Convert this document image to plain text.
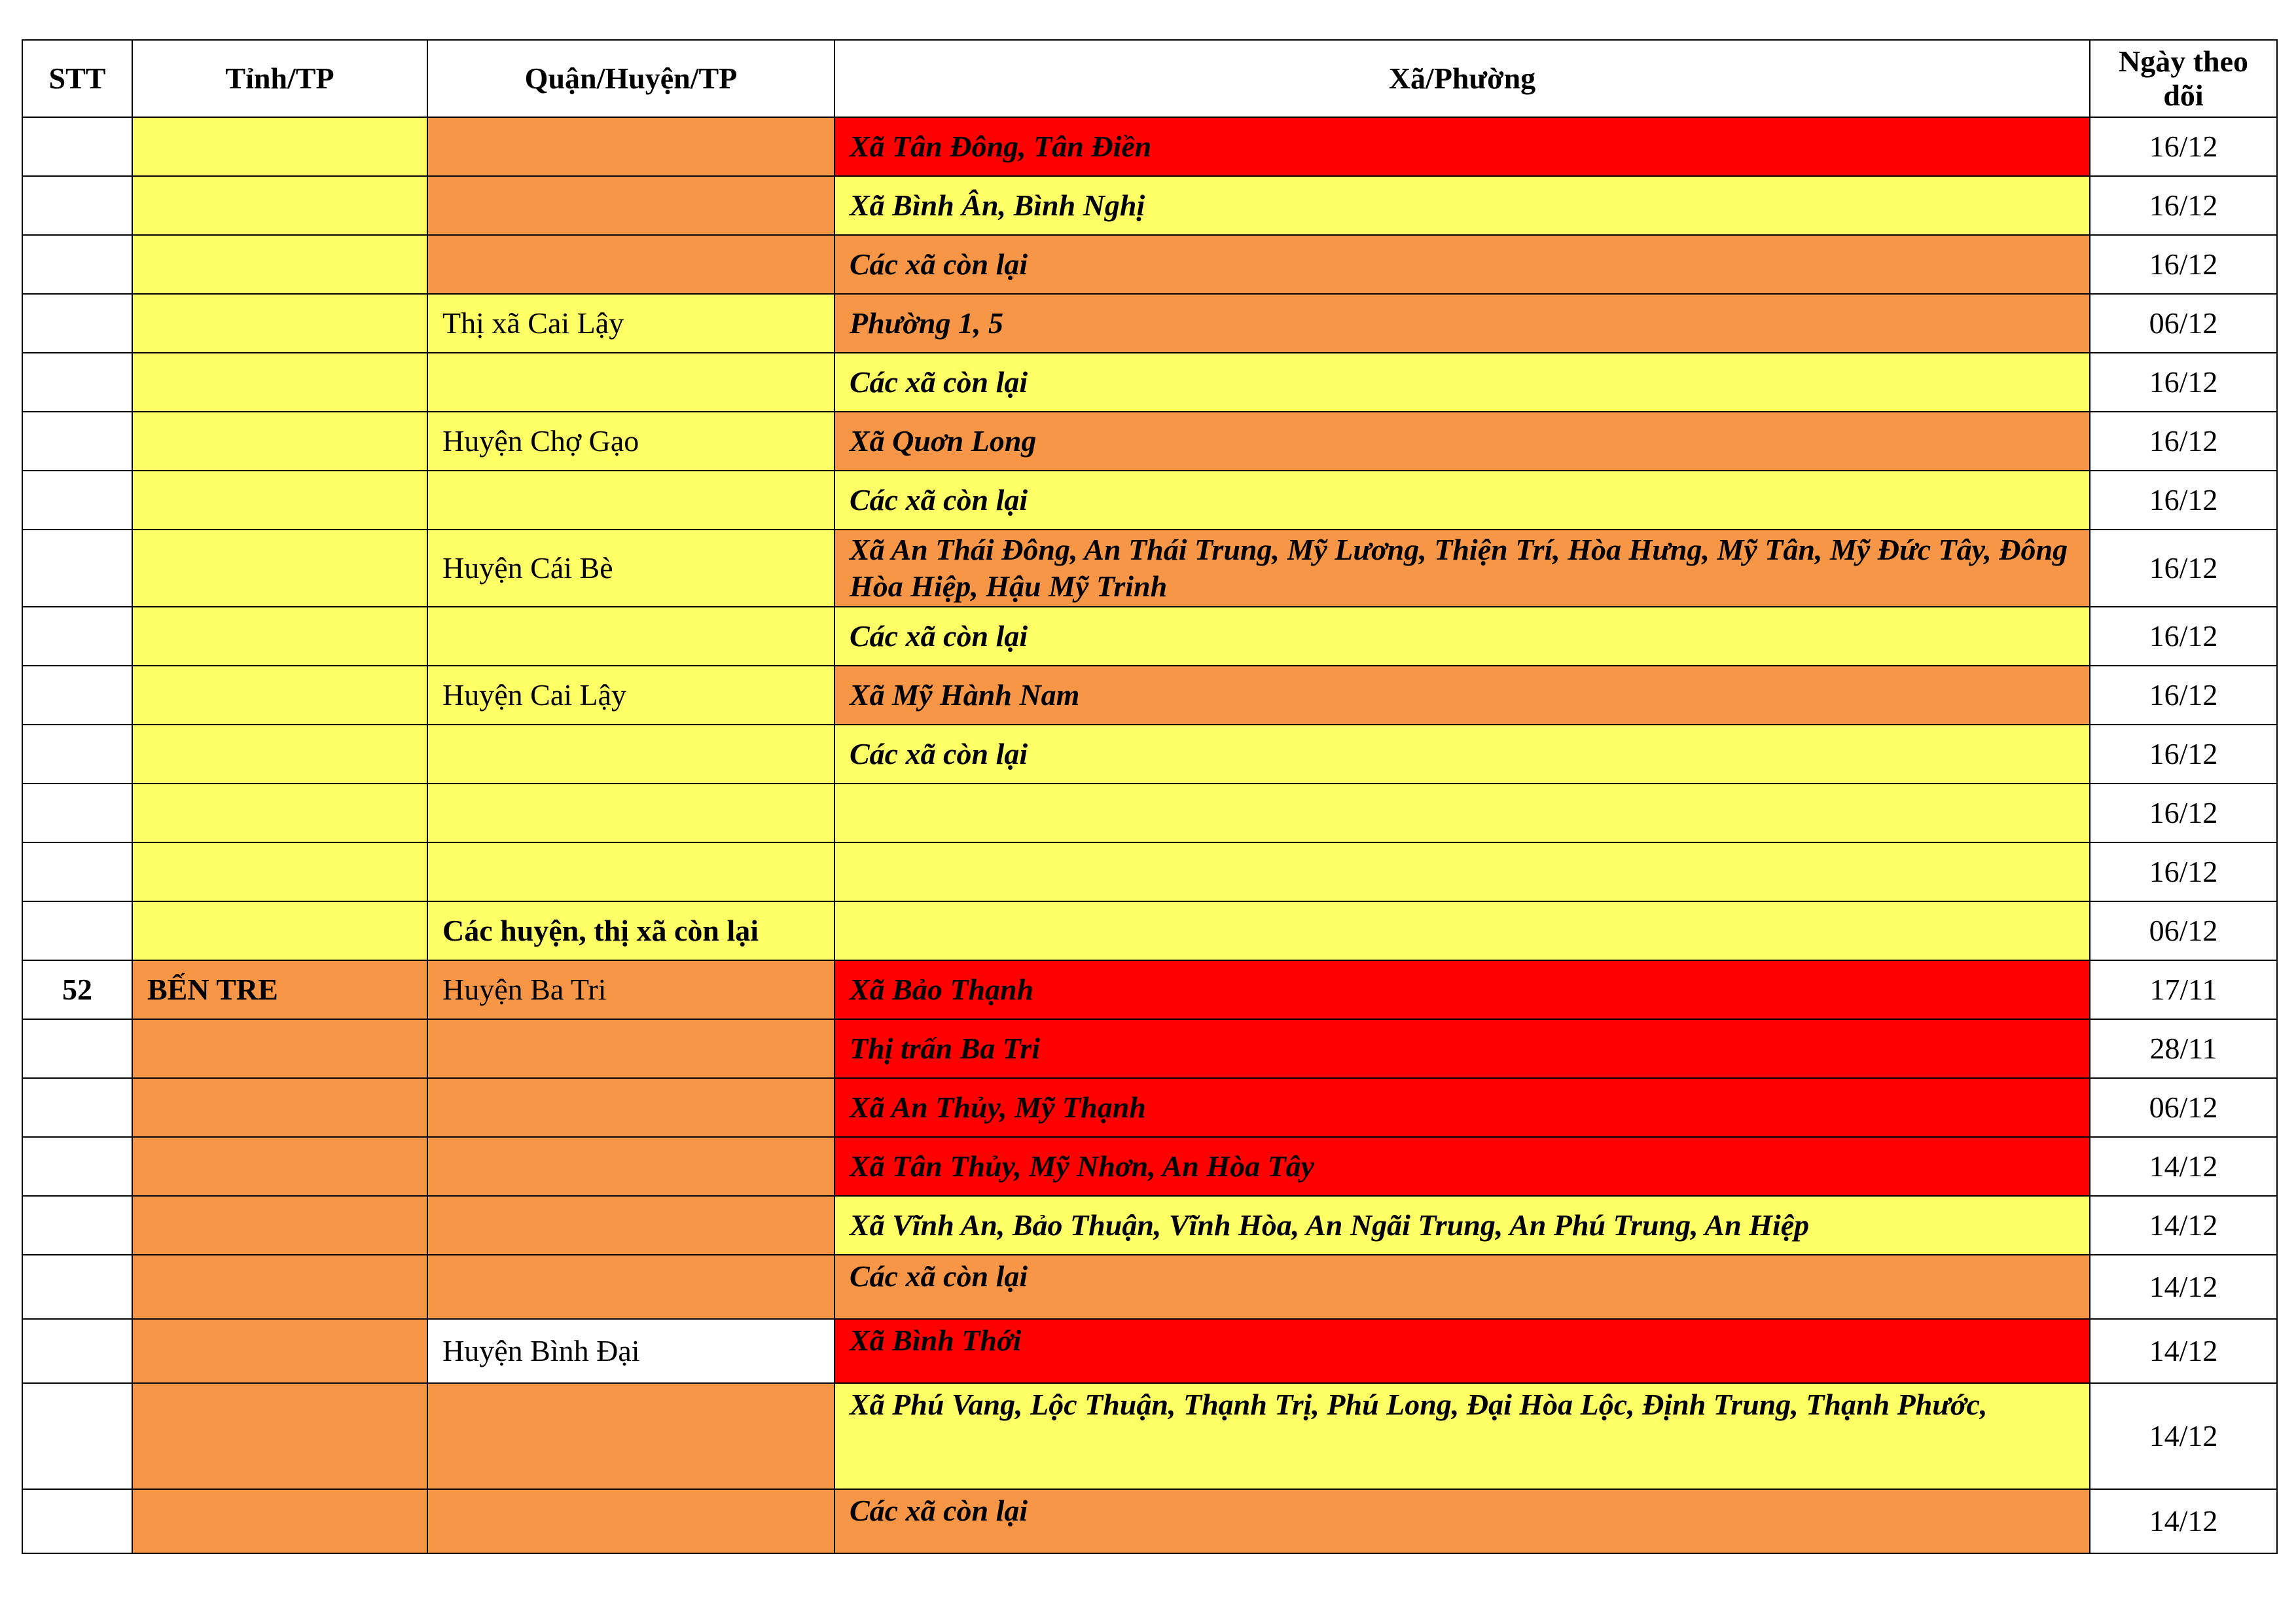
STT	Tỉnh/TP	Quận/Huyện/TP	Xã/Phường	Ngày theo dõi
			Xã Tân Đông, Tân Điền	16/12
			Xã Bình Ân, Bình Nghị	16/12
			Các xã còn lại	16/12
		Thị xã Cai Lậy	Phường 1, 5	06/12
			Các xã còn lại	16/12
		Huyện Chợ Gạo	Xã Quơn Long	16/12
			Các xã còn lại	16/12
		Huyện Cái Bè	Xã An Thái Đông, An Thái Trung, Mỹ Lương, Thiện Trí, Hòa Hưng, Mỹ Tân, Mỹ Đức Tây, Đông Hòa Hiệp, Hậu Mỹ Trinh	16/12
			Các xã còn lại	16/12
		Huyện Cai Lậy	Xã Mỹ Hành Nam	16/12
			Các xã còn lại	16/12
				16/12
				16/12
		Các huyện, thị xã còn lại		06/12
52	BẾN TRE	Huyện Ba Tri	Xã Bảo Thạnh	17/11
			Thị trấn Ba Tri	28/11
			Xã An Thủy, Mỹ Thạnh	06/12
			Xã Tân Thủy, Mỹ Nhơn, An Hòa Tây	14/12
			Xã Vĩnh An, Bảo Thuận, Vĩnh Hòa, An Ngãi Trung, An Phú Trung, An Hiệp	14/12
			Các xã còn lại	14/12
		Huyện Bình Đại	Xã Bình Thới	14/12
			Xã Phú Vang, Lộc Thuận, Thạnh Trị, Phú Long, Đại Hòa Lộc, Định Trung, Thạnh Phước,	14/12
			Các xã còn lại	14/12
